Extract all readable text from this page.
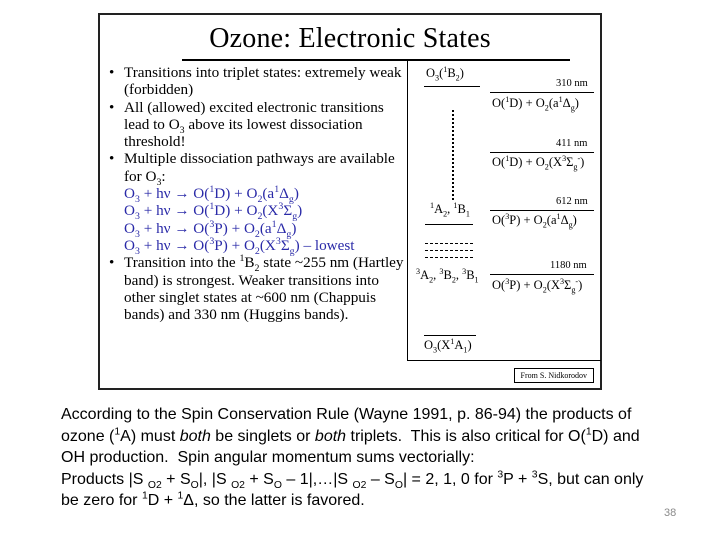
Ozone: Electronic States
• Transitions into triplet states: extremely weak (forbidden)
• All (allowed) excited electronic transitions lead to $O_3$ above its lowest dissociation threshold!
• Multiple dissociation pathways are available for $O_3$:
$O_3 + h\nu \to O(^1D) + O_2(a^1\Delta_g)$
$O_3 + h\nu \to O(^1D) + O_2(X^3\Sigma_g)$
$O_3 + h\nu \to O(^3P) + O_2(a^1\Delta_g)$
$O_3 + h\nu \to O(^3P) + O_2(X^3\Sigma_g)$ – lowest
• Transition into the $^1B_2$ state ~255 nm (Hartley band) is strongest. Weaker transitions into other singlet states at ~600 nm (Chappuis bands) and 330 nm (Huggins bands).
$O_3(^1B_2)$
310 nm
$O(^1D) + O_2(a^1\Delta_g)$
411 nm
$O(^1D) + O_2(X^3\Sigma_g^-)$
$^1A_2$, $^1B_1$
612 nm
$O(^3P) + O_2(a^1\Delta_g)$
1180 nm
$^3A_2$, $^3B_2$, $^3B_1$ $O(^3P) + O_2(X^3\Sigma_g^-)$
$O_3(X^1A_1)$
From S. Nidkorodov

According to the Spin Conservation Rule (Wayne 1991, p. 86-94) the products of ozone ($^1$A) must both be singlets or both triplets.  This is also critical for O($^1$D) and OH production.  Spin angular momentum sums vectorially:

Products |S $_{O2} + S_O|$, |S $_{O2} + S_O$ – 1|,…|S $_{O2} - S_O| = 2$, 1, 0 for $^3$P + $^3$S, but can only be zero for $^1$D + $^1$Δ, so the latter is favored.

38
